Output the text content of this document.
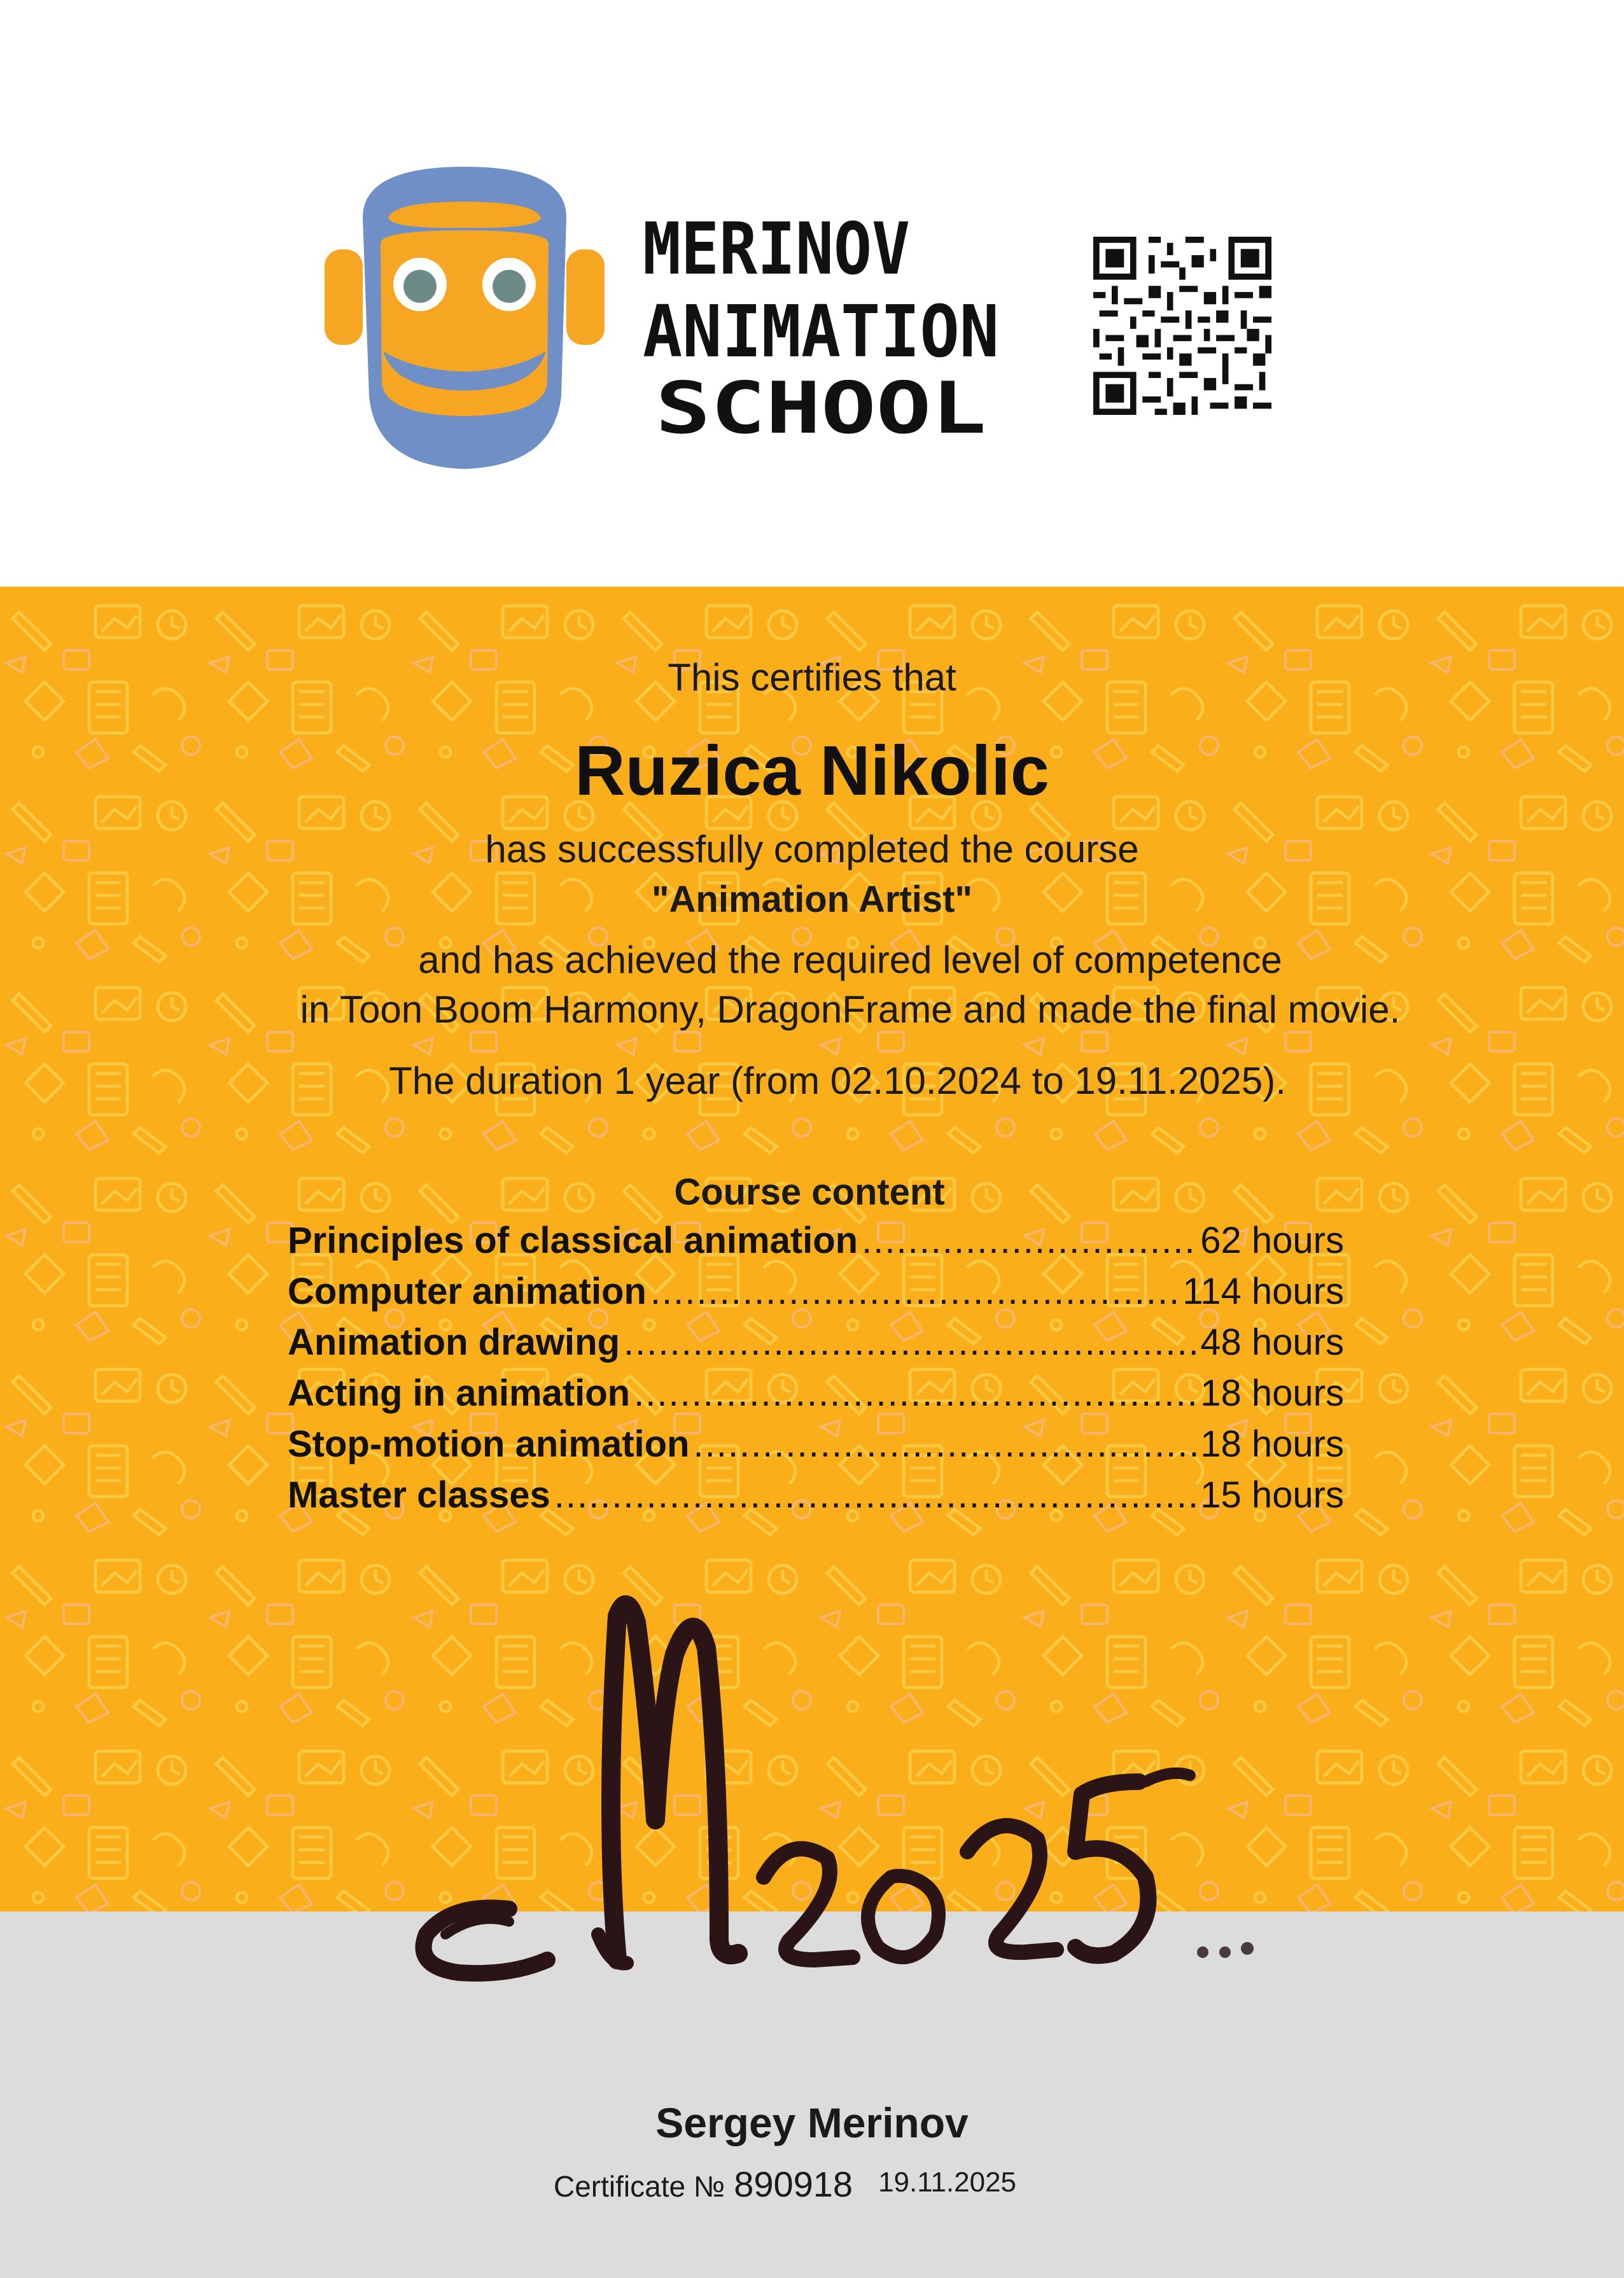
MERINOV
ANIMATION
SCHOOL
This certifies that
Ruzica Nikolic
has successfully completed the course
"Animation Artist"
and has achieved the required level of competence
in Toon Boom Harmony, DragonFrame and made the final movie.
The duration 1 year (from 02.10.2024 to 19.11.2025).
Course content
Principles of classical animation .....	62 hours
Computer animation .....	114 hours
Animation drawing .....	48 hours
Acting in animation .....	18 hours
Stop-motion animation .....	18 hours
Master classes .....	15 hours
Sergey Merinov
Certificate № 890918 19.11.2025
